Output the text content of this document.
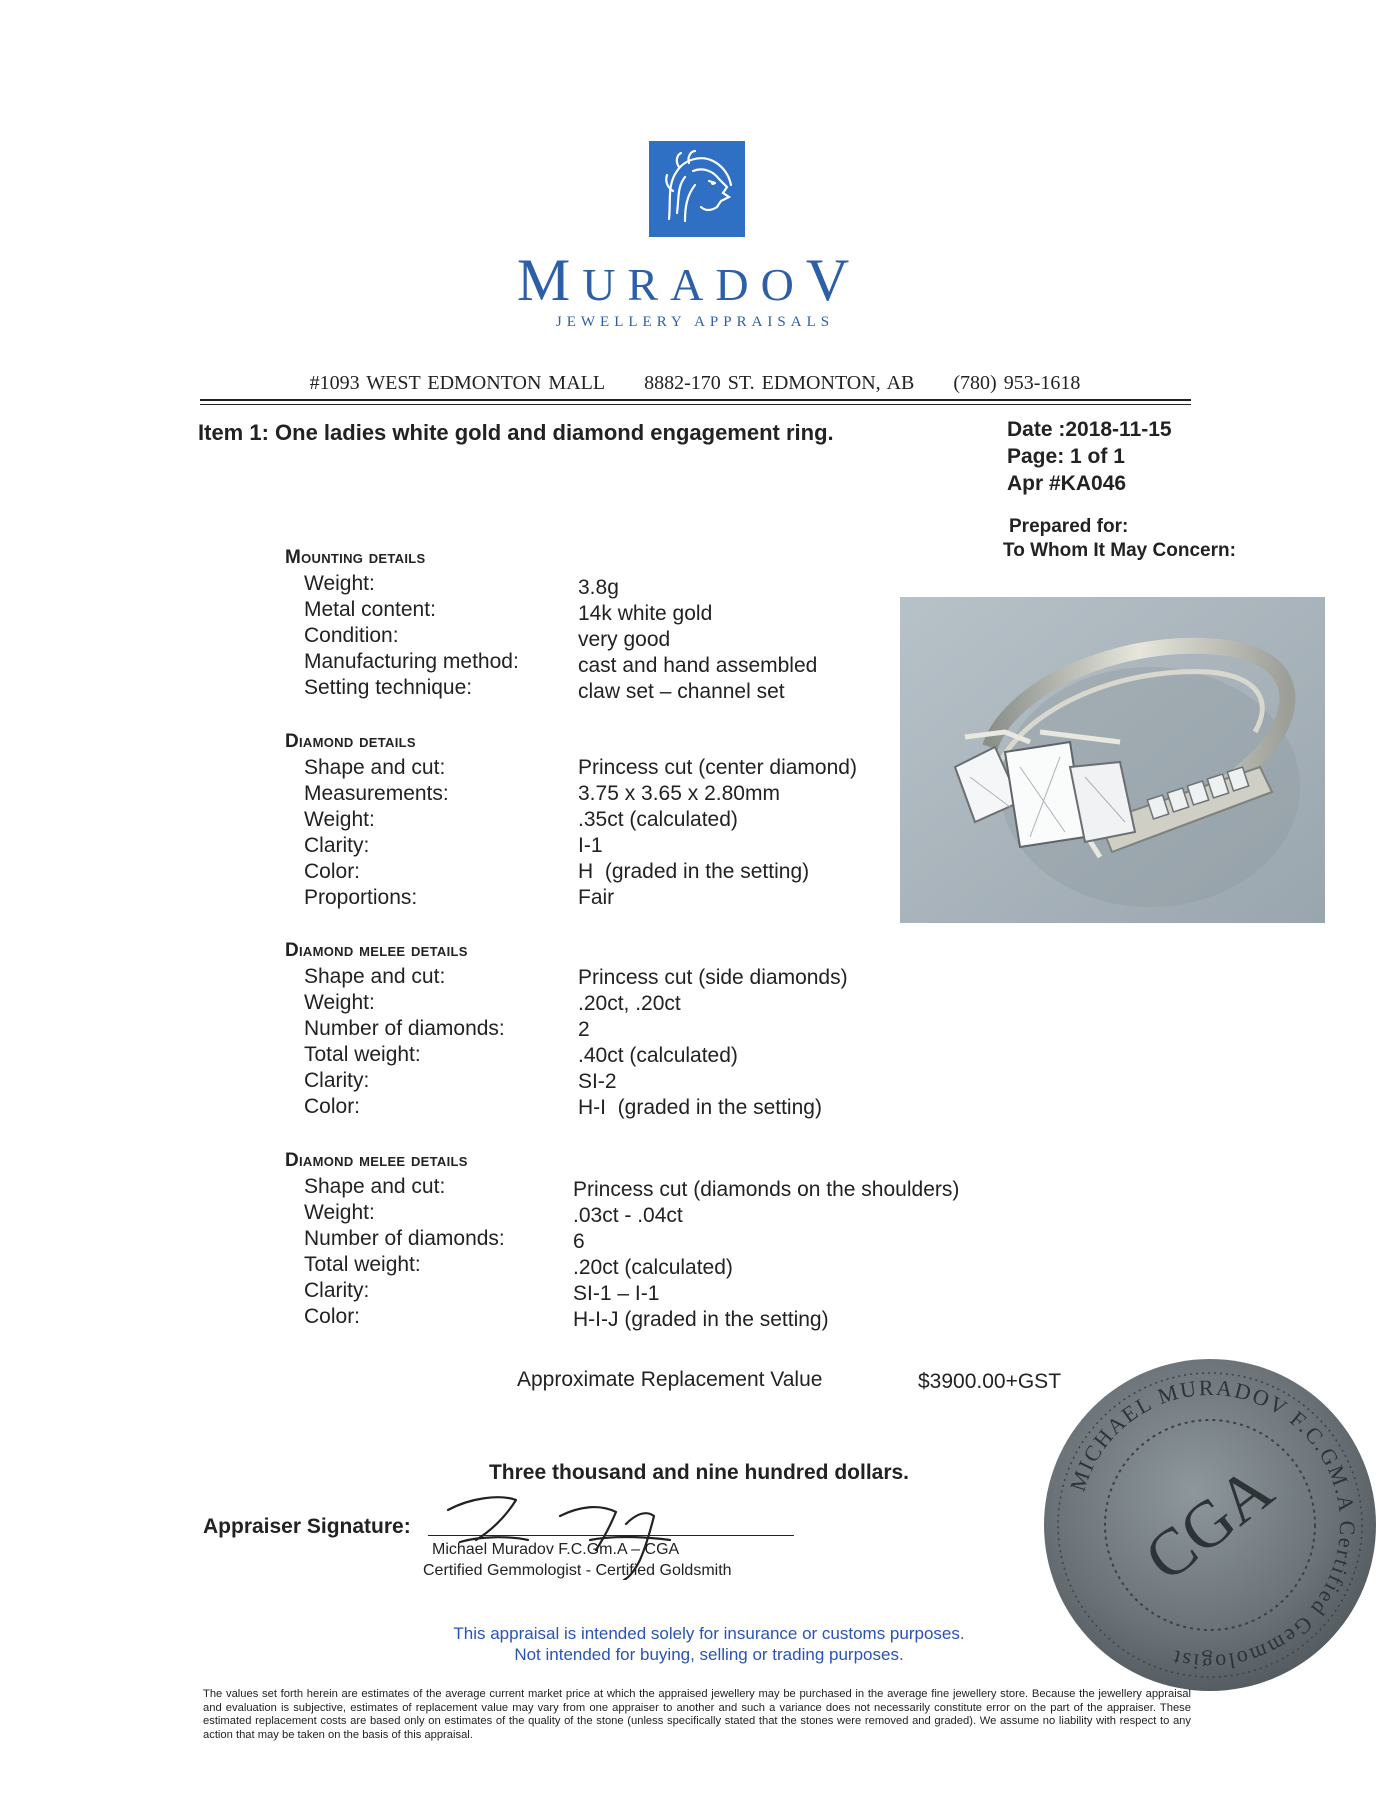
MURADOV
JEWELLERY APPRAISALS
#1093 WEST EDMONTON MALL 8882-170 ST. EDMONTON, AB (780) 953-1618
Item 1: One ladies white gold and diamond engagement ring.	Date :2018-11-15
Page: 1 of 1
Apr #KA046
Prepared for:
To Whom It May Concern:
Mounting details
Weight:
Metal content:
Condition:
Manufacturing method:
Setting technique:
3.8g
14k white gold
very good
cast and hand assembled
claw set – channel set
Diamond details
Shape and cut:
Measurements:
Weight:
Clarity:
Color:
Proportions:
Princess cut (center diamond)
3.75 x 3.65 x 2.80mm
.35ct (calculated)
I-1
H  (graded in the setting)
Fair
Diamond melee details
Shape and cut:
Weight:
Number of diamonds:
Total weight:
Clarity:
Color:
Princess cut (side diamonds)
.20ct, .20ct
2
.40ct (calculated)
SI-2
H-I  (graded in the setting)
Diamond melee details
Shape and cut:
Weight:
Number of diamonds:
Total weight:
Clarity:
Color:
Princess cut (diamonds on the shoulders)
.03ct - .04ct
6
.20ct (calculated)
SI-1 – I-1
H-I-J (graded in the setting)
Approximate Replacement Value	$3900.00+GST
Three thousand and nine hundred dollars.
Appraiser Signature:
Michael Muradov F.C.Gm.A – CGA
Certified Gemmologist - Certified Goldsmith
MICHAEL MURADOV F.C.GM.A Certified Gemmologist
CGA
This appraisal is intended solely for insurance or customs purposes.
Not intended for buying, selling or trading purposes.
The values set forth herein are estimates of the average current market price at which the appraised jewellery may be purchased in the average fine jewellery store. Because the jewellery appraisal and evaluation is subjective, estimates of replacement value may vary from one appraiser to another and such a variance does not necessarily constitute error on the part of the appraiser. These estimated replacement costs are based only on estimates of the quality of the stone (unless specifically stated that the stones were removed and graded). We assume no liability with respect to any action that may be taken on the basis of this appraisal.
